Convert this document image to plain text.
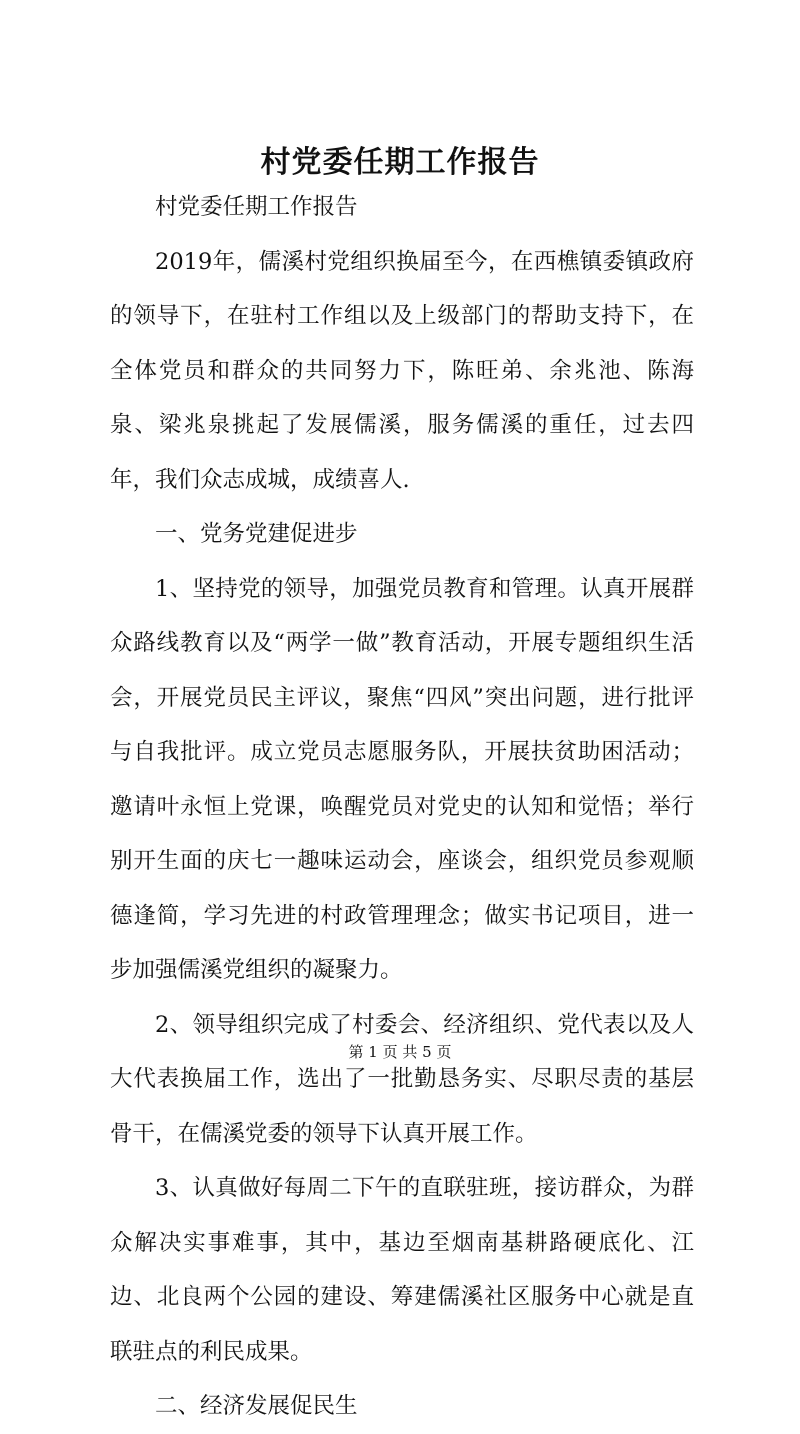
村党委任期工作报告

村党委任期工作报告

2019年，儒溪村党组织换届至今，在西樵镇委镇政府的领导下，在驻村工作组以及上级部门的帮助支持下，在全体党员和群众的共同努力下，陈旺弟、余兆池、陈海泉、梁兆泉挑起了发展儒溪，服务儒溪的重任，过去四年，我们众志成城，成绩喜人.

一、党务党建促进步

1、坚持党的领导，加强党员教育和管理。认真开展群众路线教育以及“两学一做”教育活动，开展专题组织生活会，开展党员民主评议，聚焦“四风”突出问题，进行批评与自我批评。成立党员志愿服务队，开展扶贫助困活动；邀请叶永恒上党课，唤醒党员对党史的认知和觉悟；举行别开生面的庆七一趣味运动会，座谈会，组织党员参观顺德逢简，学习先进的村政管理理念；做实书记项目，进一步加强儒溪党组织的凝聚力。

2、领导组织完成了村委会、经济组织、党代表以及人大代表换届工作，选出了一批勤恳务实、尽职尽责的基层骨干，在儒溪党委的领导下认真开展工作。

3、认真做好每周二下午的直联驻班，接访群众，为群众解决实事难事，其中，基边至烟南基耕路硬底化、江边、北良两个公园的建设、筹建儒溪社区服务中心就是直联驻点的利民成果。

二、经济发展促民生

第 1 页 共 5 页
